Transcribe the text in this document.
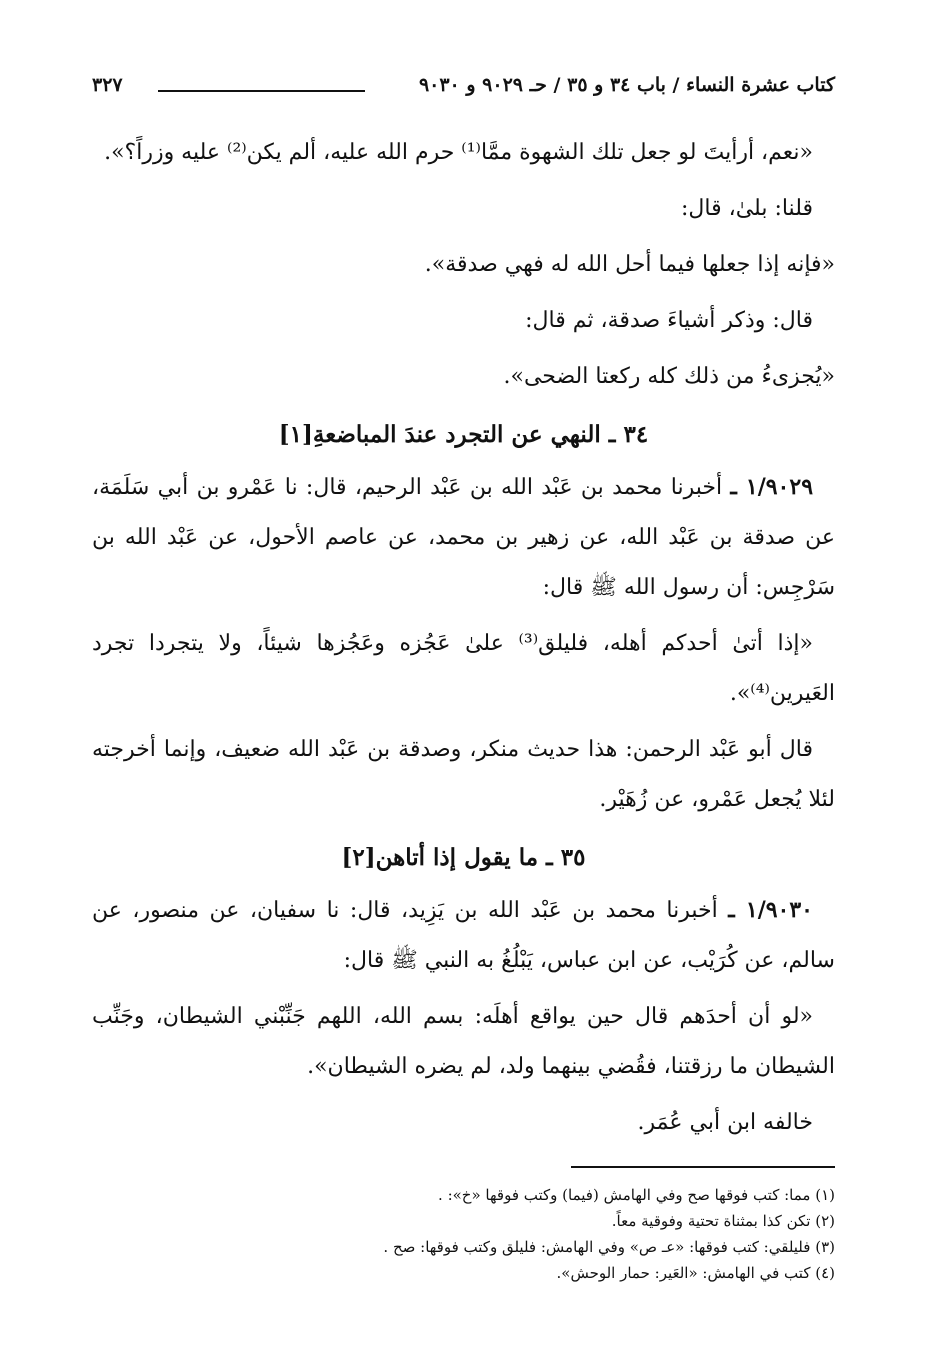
كتاب عشرة النساء / باب ٣٤ و ٣٥ / حـ ٩٠٢٩ و ٩٠٣٠
٣٢٧

«نعم، أرأيتَ لو جعل تلك الشهوة ممَّا⁽¹⁾ حرم الله عليه، ألم يكن⁽²⁾ عليه وزراً؟».

قلنا: بلىٰ، قال:

«فإنه إذا جعلها فيما أحل الله له فهي صدقة».

قال: وذكر أشياءَ صدقة، ثم قال:

«يُجزىءُ من ذلك كله ركعتا الضحى».

٣٤ ـ النهي عن التجرد عندَ المباضعةِ[١]

١/٩٠٢٩ ـ أخبرنا محمد بن عَبْد الله بن عَبْد الرحيم، قال: نا عَمْرو بن أبي سَلَمَة، عن صدقة بن عَبْد الله، عن زهير بن محمد، عن عاصم الأحول، عن عَبْد الله بن سَرْجِس: أن رسول الله ﷺ قال:

«إذا أتىٰ أحدكم أهله، فليلق⁽³⁾ علىٰ عَجُزه وعَجُزها شيئاً، ولا يتجردا تجرد العَيرين⁽⁴⁾».

قال أبو عَبْد الرحمن: هذا حديث منكر، وصدقة بن عَبْد الله ضعيف، وإنما أخرجته لئلا يُجعل عَمْرو، عن زُهَيْر.

٣٥ ـ ما يقول إذا أتاهن[٢]

١/٩٠٣٠ ـ أخبرنا محمد بن عَبْد الله بن يَزِيد، قال: نا سفيان، عن منصور، عن سالم، عن كُرَيْب، عن ابن عباس، يَبْلُغُ به النبي ﷺ قال:

«لو أن أحدَهم قال حين يواقع أهلَه: بسم الله، اللهم جَنِّبْني الشيطان، وجَنِّب الشيطان ما رزقتنا، فقُضي بينهما ولد، لم يضره الشيطان».

خالفه ابن أبي عُمَر.

(١) مما: كتب فوقها صح وفي الهامش (فيما) وكتب فوقها «خ»: .

(٢) تكن كذا بمثناة تحتية وفوقية معاً.

(٣) فليلقي: كتب فوقها: «عـ ص» وفي الهامش: فليلق وكتب فوقها: صح .

(٤) كتب في الهامش: «العَير: حمار الوحش».
